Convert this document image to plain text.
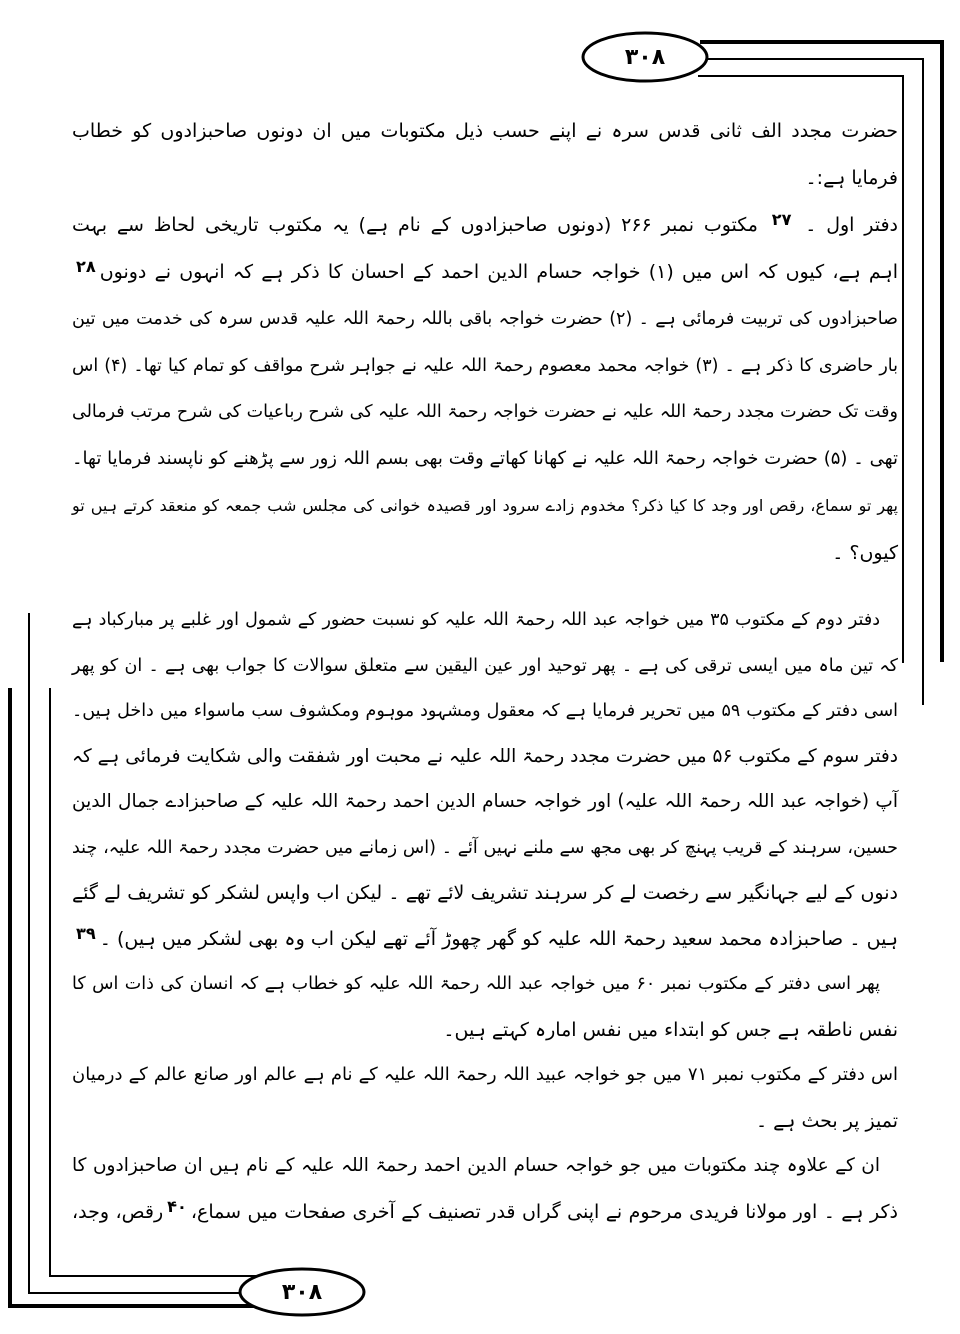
۳۰۸
۳۰۸
حضرت مجدد الف ثانی قدس سرہ نے اپنے حسب ذیل مکتوبات میں ان دونوں صاحبزادوں کو خطاب
فرمایا ہے:۔
دفتر اول ۔ $^{۲۷}$ مکتوب نمبر ۲۶۶ (دونوں صاحبزادوں کے نام ہے) یہ مکتوب تاریخی لحاظ سے بہت
اہم ہے، کیوں کہ اس میں (۱) خواجہ حسام الدین احمد کے احسان کا ذکر ہے کہ انہوں نے دونوں$^{۲۸}$
صاحبزادوں کی تربیت فرمائی ہے ۔ (۲) حضرت خواجہ باقی باللہ رحمۃ اللہ علیہ قدس سرہ کی خدمت میں تین
بار حاضری کا ذکر ہے ۔ (۳) خواجہ محمد معصوم رحمۃ اللہ علیہ نے جواہر شرح مواقف کو تمام کیا تھا۔ (۴) اس
وقت تک حضرت مجدد رحمۃ اللہ علیہ نے حضرت خواجہ رحمۃ اللہ علیہ کی شرح رباعیات کی شرح مرتب فرمالی
تھی ۔ (۵) حضرت خواجہ رحمۃ اللہ علیہ نے کھانا کھاتے وقت بھی بسم اللہ زور سے پڑھنے کو ناپسند فرمایا تھا۔
پھر تو سماع، رقص اور وجد کا کیا ذکر؟ مخدوم زادے سرود اور قصیدہ خوانی کی مجلس شب جمعہ کو منعقد کرتے ہیں تو
کیوں؟ ۔
دفتر دوم کے مکتوب ۳۵ میں خواجہ عبد اللہ رحمۃ اللہ علیہ کو نسبت حضور کے شمول اور غلبے پر مبارکباد ہے
کہ تین ماہ میں ایسی ترقی کی ہے ۔ پھر توحید اور عین الیقین سے متعلق سوالات کا جواب بھی ہے ۔ ان کو پھر
اسی دفتر کے مکتوب ۵۹ میں تحریر فرمایا ہے کہ معقول ومشہود موہوم ومکشوف سب ماسواء میں داخل ہیں۔
دفتر سوم کے مکتوب ۵۶ میں حضرت مجدد رحمۃ اللہ علیہ نے محبت اور شفقت والی شکایت فرمائی ہے کہ
آپ (خواجہ عبد اللہ رحمۃ اللہ علیہ) اور خواجہ حسام الدین احمد رحمۃ اللہ علیہ کے صاحبزادے جمال الدین
حسین، سرہند کے قریب پہنچ کر بھی مجھ سے ملنے نہیں آئے ۔ (اس زمانے میں حضرت مجدد رحمۃ اللہ علیہ، چند
دنوں کے لیے جہانگیر سے رخصت لے کر سرہند تشریف لائے تھے ۔ لیکن اب واپس لشکر کو تشریف لے گئے
ہیں ۔ صاحبزادہ محمد سعید رحمۃ اللہ علیہ کو گھر چھوڑ آئے تھے لیکن اب وہ بھی لشکر میں ہیں) ۔$^{۳۹}$
پھر اسی دفتر کے مکتوب نمبر ۶۰ میں خواجہ عبد اللہ رحمۃ اللہ علیہ کو خطاب ہے کہ انسان کی ذات اس کا
نفس ناطقہ ہے جس کو ابتداء میں نفس امارہ کہتے ہیں۔
اس دفتر کے مکتوب نمبر ۷۱ میں جو خواجہ عبید اللہ رحمۃ اللہ علیہ کے نام ہے عالم اور صانع عالم کے درمیان
تمیز پر بحث ہے ۔
ان کے علاوہ چند مکتوبات میں جو خواجہ حسام الدین احمد رحمۃ اللہ علیہ کے نام ہیں ان صاحبزادوں کا
ذکر ہے ۔ اور مولانا فریدی مرحوم نے اپنی گراں قدر تصنیف کے آخری صفحات میں سماع،$^{۴۰}$رقص، وجد،
